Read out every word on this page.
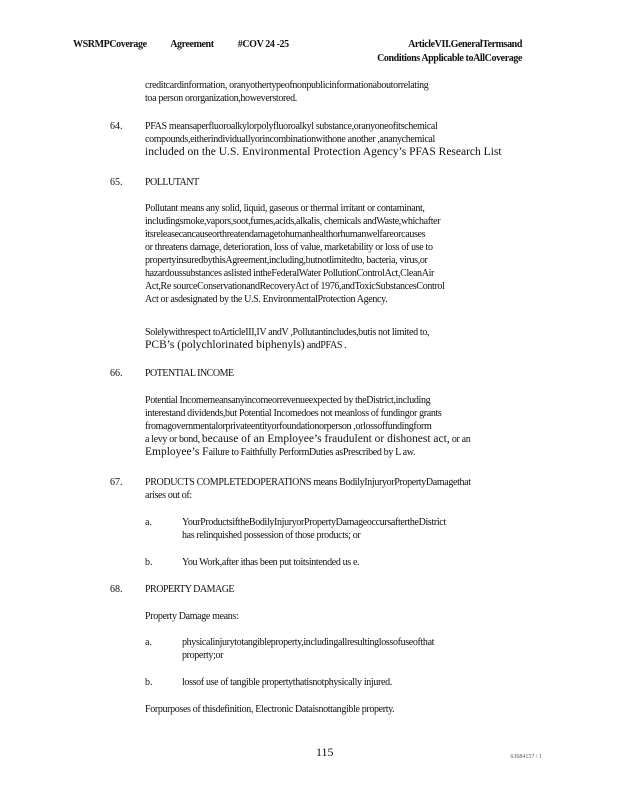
WSRMPCoverage Agreement #COV 24 -25	ArticleVII.GeneralTermsand
Conditions Applicable toAllCoverage

creditcardinformation, oranyothertypeofnonpublicinformationaboutorrelating

toa person ororganization,howeverstored.

64. PFAS meansaperfluoroalkylorpolyfluoroalkyl substance,oranyoneofitschemical

compounds,eitherindividuallyorincombinationwithone another ,ananychemical

included on the U.S. Environmental Protection Agency’s PFAS Research List

65. POLLUTANT

Pollutant means any solid, liquid, gaseous or thermal irritant or contaminant,

includingsmoke,vapors,soot,fumes,acids,alkalis, chemicals andWaste,whichafter

itsreleasecancauseorthreatendamagetohumanhealthorhumanwelfareorcauses

or threatens damage, deterioration, loss of value, marketability or loss of use to

propertyinsuredbythisAgreement,including,butnotlimitedto, bacteria, virus,or

hazardoussubstances aslisted intheFederalWater PollutionControlAct,CleanAir

Act,Re sourceConservationandRecoveryAct of 1976,andToxicSubstancesControl

Act or asdesignated by the U.S. EnvironmentalProtection Agency.

Solelywithrespect toArticleIII,IV andV ,Pollutantincludes,butis not limited to,

PCB’s (polychlorinated biphenyls) andPFAS .

66. POTENTIAL INCOME

Potential Incomemeansanyincomeorrevenueexpected by theDistrict,including

interestand dividends,but Potential Incomedoes not meanloss of fundingor grants

fromagovernmentalorprivateentityorfoundationorperson ,orlossoffundingform

a levy or bond, because of an Employee’s fraudulent or dishonest act, or an

Employee’s Failure to Faithfully PerformDuties asPrescribed by L aw.

67. PRODUCTS COMPLETEDOPERATIONS means BodilyInjuryorPropertyDamagethat

arises out of:

a.	YourProductsiftheBodilyInjuryorPropertyDamageoccursaftertheDistrict

has relinquished possession of those products; or

b.	You Work,after ithas been put toitsintended us e.

68. PROPERTY DAMAGE
Property Damage means:
a.	physicalinjurytotangibleproperty,includingallresultinglossofuseofthat

property;or

b.	lossof use of tangible propertythatisnotphysically injured.

Forpurposes of thisdefinition, Electronic Dataisnottangible property.
115	63684157 \ 1
